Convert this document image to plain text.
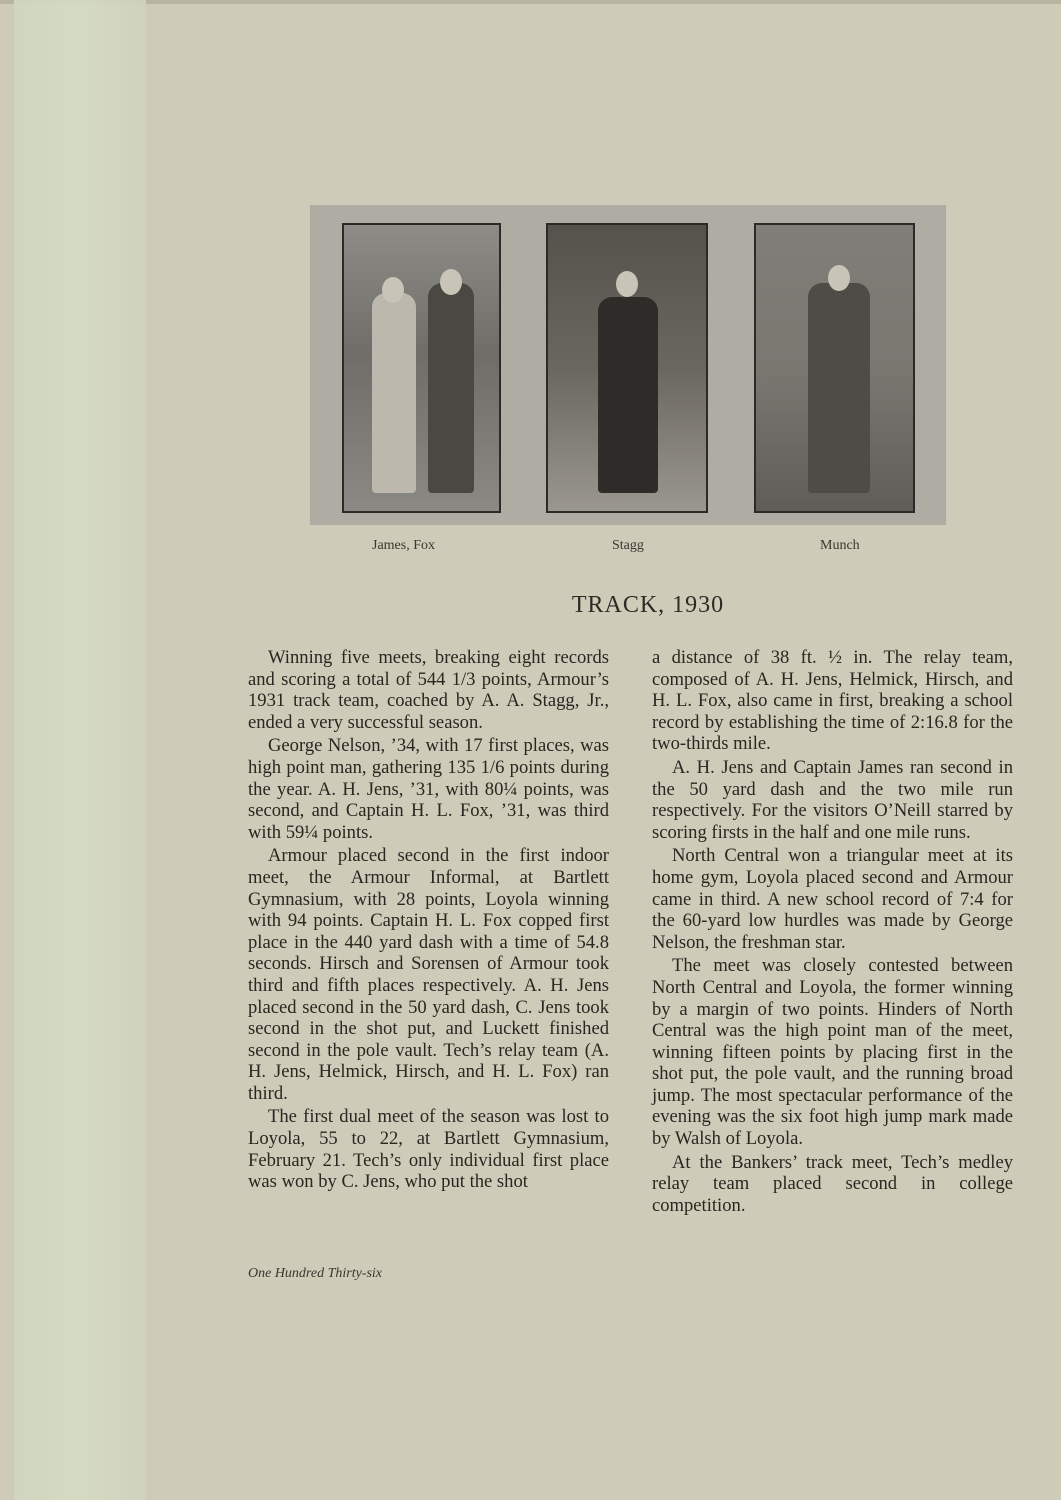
James, Fox	Stagg	Munch
TRACK, 1930

Winning five meets, breaking eight records and scoring a total of 544 1/3 points, Armour’s 1931 track team, coached by A. A. Stagg, Jr., ended a very successful season.

George Nelson, ’34, with 17 first places, was high point man, gathering 135 1/6 points during the year. A. H. Jens, ’31, with 80¼ points, was second, and Captain H. L. Fox, ’31, was third with 59¼ points.

Armour placed second in the first indoor meet, the Armour Informal, at Bartlett Gymnasium, with 28 points, Loyola winning with 94 points. Captain H. L. Fox copped first place in the 440 yard dash with a time of 54.8 seconds. Hirsch and Sorensen of Armour took third and fifth places respectively. A. H. Jens placed second in the 50 yard dash, C. Jens took second in the shot put, and Luckett finished second in the pole vault. Tech’s relay team (A. H. Jens, Helmick, Hirsch, and H. L. Fox) ran third.

The first dual meet of the season was lost to Loyola, 55 to 22, at Bartlett Gymnasium, February 21. Tech’s only individual first place was won by C. Jens, who put the shot

a distance of 38 ft. ½ in. The relay team, composed of A. H. Jens, Helmick, Hirsch, and H. L. Fox, also came in first, breaking a school record by establishing the time of 2:16.8 for the two-thirds mile.

A. H. Jens and Captain James ran second in the 50 yard dash and the two mile run respectively. For the visitors O’Neill starred by scoring firsts in the half and one mile runs.

North Central won a triangular meet at its home gym, Loyola placed second and Armour came in third. A new school record of 7:4 for the 60-yard low hurdles was made by George Nelson, the freshman star.

The meet was closely contested between North Central and Loyola, the former winning by a margin of two points. Hinders of North Central was the high point man of the meet, winning fifteen points by placing first in the shot put, the pole vault, and the running broad jump. The most spectacular performance of the evening was the six foot high jump mark made by Walsh of Loyola.

At the Bankers’ track meet, Tech’s medley relay team placed second in college competition.

One Hundred Thirty-six
